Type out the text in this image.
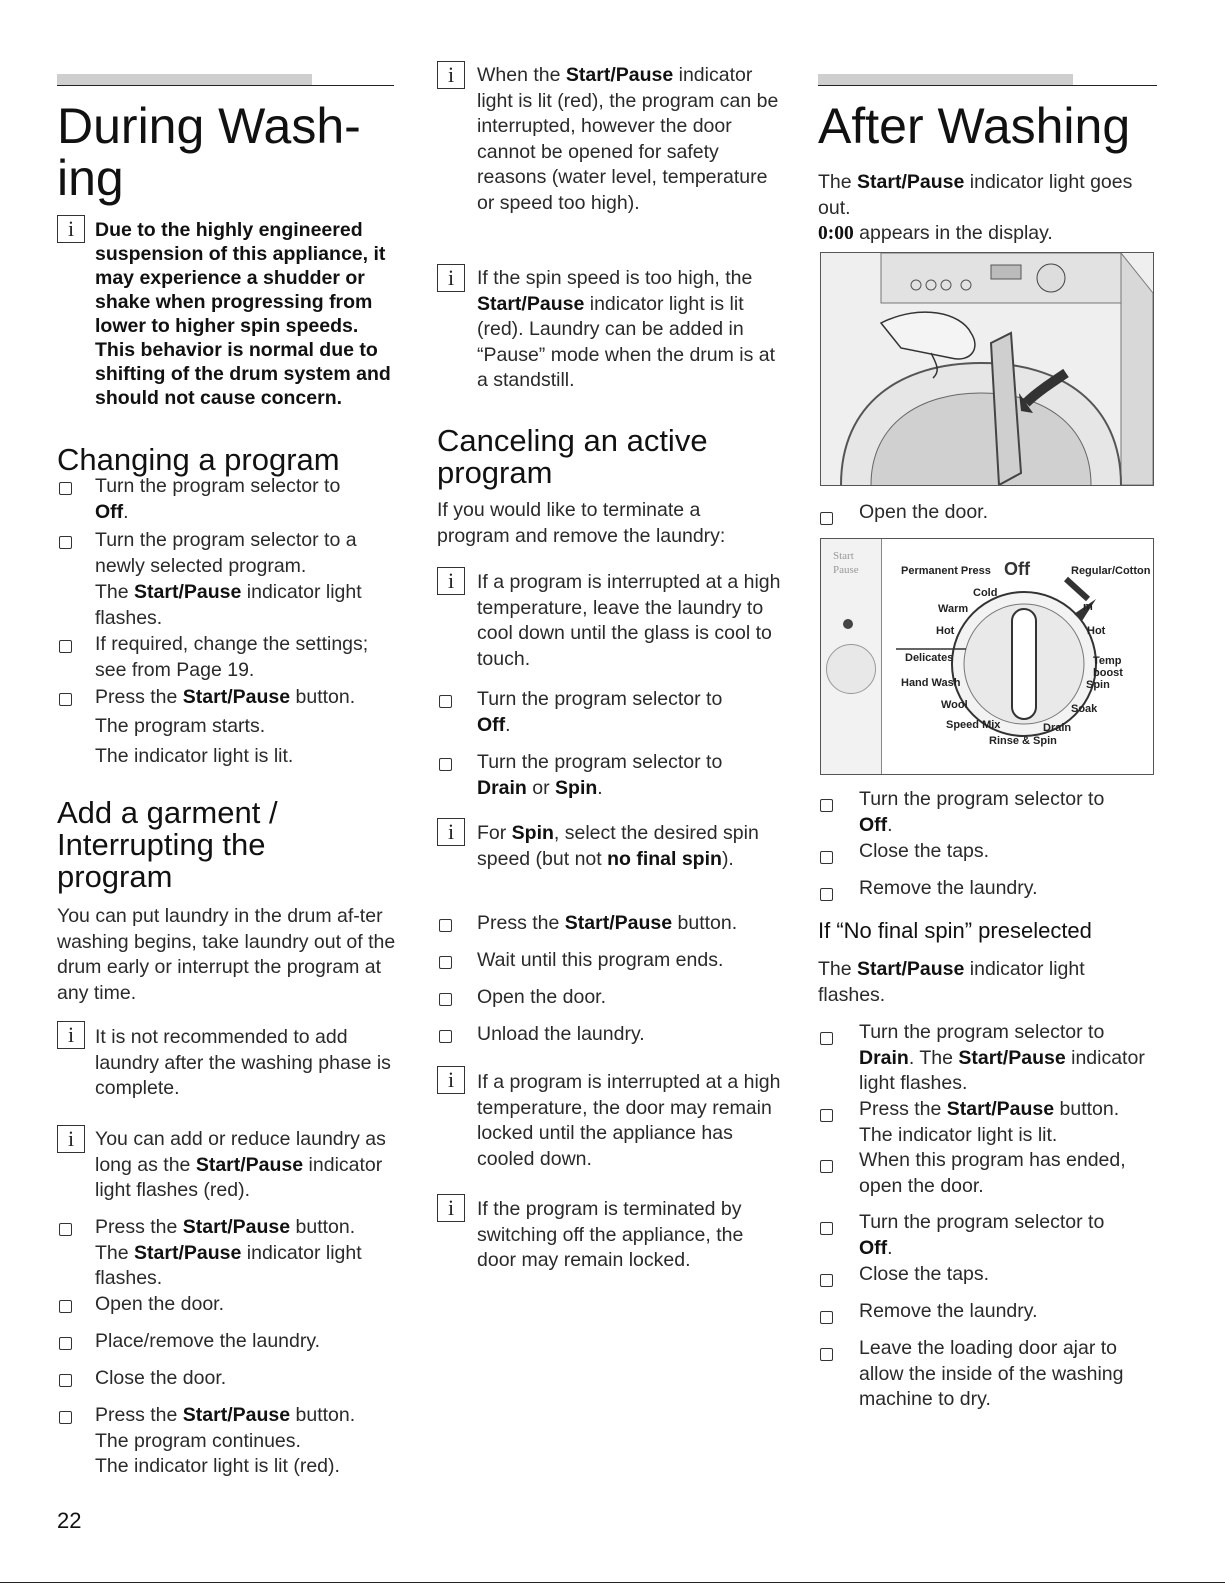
During Wash-
ing
i	Due to the highly engineered suspension of this appliance, it may experience a shudder or shake when progressing from lower to higher spin speeds. This behavior is normal due to shifting of the drum system and should not cause concern.
Changing a program
Turn the program selector to
Off.
Turn the program selector to a newly selected program.
The Start/Pause indicator light flashes.
If required, change the settings; see from Page 19.
Press the Start/Pause button.
The program starts.
The indicator light is lit.
Add a garment /
Interrupting the
program
You can put laundry in the drum af-ter washing begins, take laundry out of the drum early or interrupt the program at any time.
i	It is not recommended to add laundry after the washing phase is complete.
i	You can add or reduce laundry as long as the Start/Pause indicator light flashes (red).
Press the Start/Pause button.
The Start/Pause indicator light flashes.
Open the door.
Place/remove the laundry.
Close the door.
Press the Start/Pause button.
The program continues.
The indicator light is lit (red).
i	When the Start/Pause indicator light is lit (red), the program can be interrupted, however the door cannot be opened for safety reasons (water level, temperature or speed too high).
i	If the spin speed is too high, the Start/Pause indicator light is lit (red). Laundry can be added in “Pause” mode when the drum is at a standstill.
Canceling an active
program
If you would like to terminate a program and remove the laundry:
i	If a program is interrupted at a high temperature, leave the laundry to cool down until the glass is cool to touch.
Turn the program selector to
Off.
Turn the program selector to
Drain or Spin.
i	For Spin, select the desired spin speed (but not no final spin).
Press the Start/Pause button.
Wait until this program ends.
Open the door.
Unload the laundry.
i	If a program is interrupted at a high temperature, the door may remain locked until the appliance has cooled down.
i	If the program is terminated by switching off the appliance, the door may remain locked.
After Washing
The Start/Pause indicator light goes out.
0:00 appears in the display.
Open the door.
Start
Pause	Permanent Press Off	Regular/Cotton
Cold
Warm	m
Hot	Hot
Delicates	Temp boost
Hand Wash	Spin
Wool	Soak
Speed Mix	Drain
Rinse & Spin
Turn the program selector to
Off.
Close the taps.
Remove the laundry.
If “No final spin” preselected
The Start/Pause indicator light flashes.
Turn the program selector to Drain. The Start/Pause indicator light flashes.
Press the Start/Pause button.
The indicator light is lit.
When this program has ended, open the door.
Turn the program selector to
Off.
Close the taps.
Remove the laundry.
Leave the loading door ajar to allow the inside of the washing machine to dry.
22
